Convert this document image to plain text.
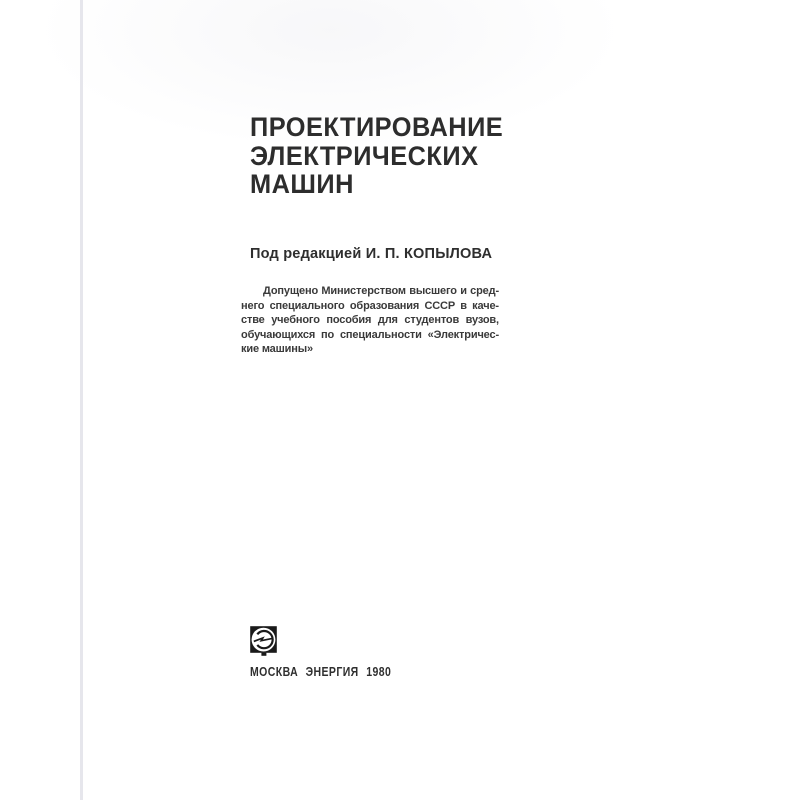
ПРОЕКТИРОВАНИЕ
ЭЛЕКТРИЧЕСКИХ
МАШИН
Под редакцией И. П. КОПЫЛОВА
Допущено Министерством высшего и сред-
него специального образования СССР в каче-
стве учебного пособия для студентов вузов,
обучающихся по специальности «Электричес-
кие машины»
МОСКВА ЭНЕРГИЯ 1980
